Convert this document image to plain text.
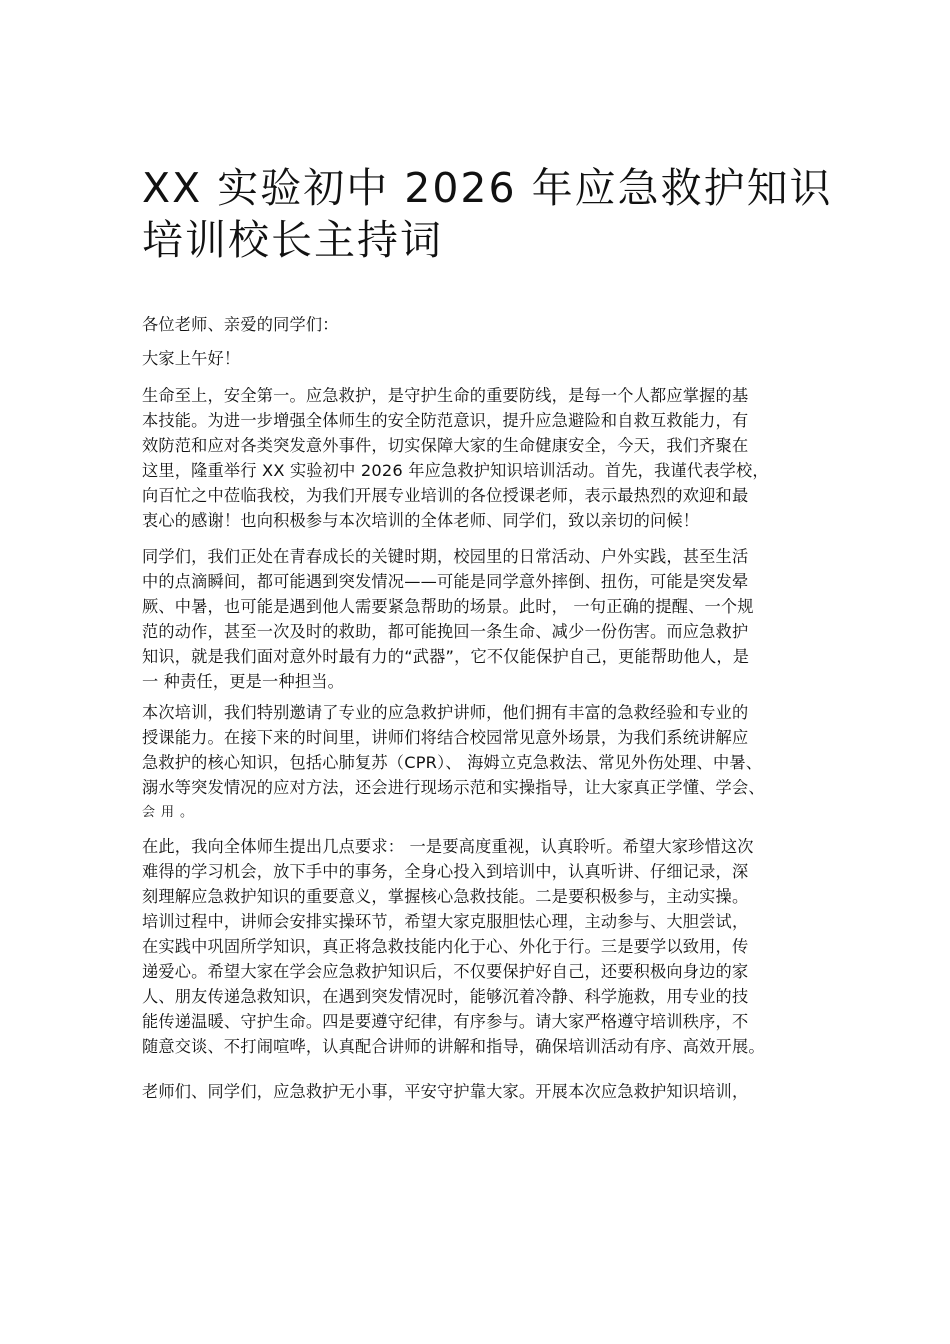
XX 实验初中 2026 年应急救护知识
培训校长主持词

各位老师、亲爱的同学们：

大家上午好！

生命至上，安全第一。应急救护，是守护生命的重要防线，是每一个人都应掌握的基
本技能。为进一步增强全体师生的安全防范意识，提升应急避险和自救互救能力，有
效防范和应对各类突发意外事件，切实保障大家的生命健康安全，今天，我们齐聚在
这里，隆重举行 XX 实验初中 2026 年应急救护知识培训活动。首先，我谨代表学校，
向百忙之中莅临我校，为我们开展专业培训的各位授课老师，表示最热烈的欢迎和最
衷心的感谢！也向积极参与本次培训的全体老师、同学们，致以亲切的问候！

同学们，我们正处在青春成长的关键时期，校园里的日常活动、户外实践，甚至生活
中的点滴瞬间，都可能遇到突发情况——可能是同学意外摔倒、扭伤，可能是突发晕
厥、中暑，也可能是遇到他人需要紧急帮助的场景。此时， 一句正确的提醒、一个规
范的动作，甚至一次及时的救助，都可能挽回一条生命、减少一份伤害。而应急救护
知识，就是我们面对意外时最有力的“武器”，它不仅能保护自己，更能帮助他人，是
一 种责任，更是一种担当。

本次培训，我们特别邀请了专业的应急救护讲师，他们拥有丰富的急救经验和专业的
授课能力。在接下来的时间里，讲师们将结合校园常见意外场景，为我们系统讲解应
急救护的核心知识，包括心肺复苏（CPR）、 海姆立克急救法、常见外伤处理、中暑、
溺水等突发情况的应对方法，还会进行现场示范和实操指导，让大家真正学懂、学会、
会用。

在此，我向全体师生提出几点要求： 一是要高度重视，认真聆听。希望大家珍惜这次
难得的学习机会，放下手中的事务，全身心投入到培训中，认真听讲、仔细记录，深
刻理解应急救护知识的重要意义，掌握核心急救技能。二是要积极参与，主动实操。
培训过程中，讲师会安排实操环节，希望大家克服胆怯心理，主动参与、大胆尝试，
在实践中巩固所学知识，真正将急救技能内化于心、外化于行。三是要学以致用，传
递爱心。希望大家在学会应急救护知识后，不仅要保护好自己，还要积极向身边的家
人、朋友传递急救知识，在遇到突发情况时，能够沉着冷静、科学施救，用专业的技
能传递温暖、守护生命。四是要遵守纪律，有序参与。请大家严格遵守培训秩序，不
随意交谈、不打闹喧哗，认真配合讲师的讲解和指导，确保培训活动有序、高效开展。

老师们、同学们，应急救护无小事，平安守护靠大家。开展本次应急救护知识培训，
